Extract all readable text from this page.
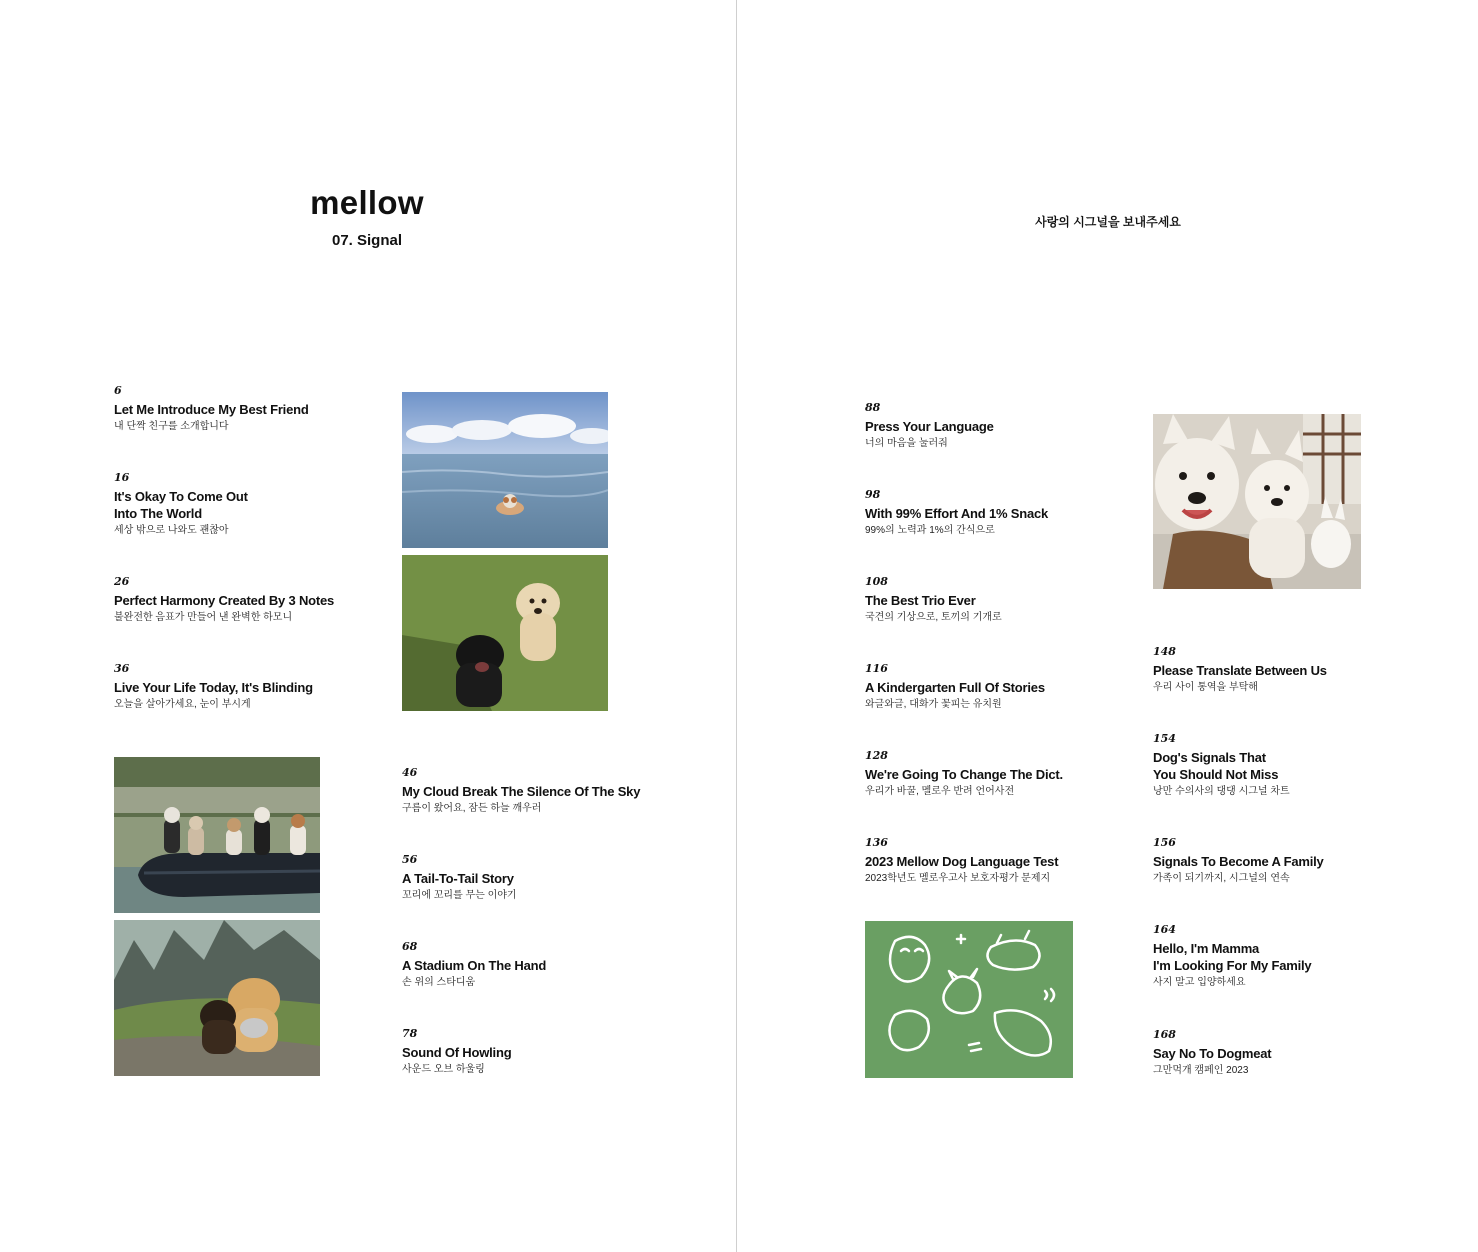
mellow
07. Signal
6
Let Me Introduce My Best Friend
내 단짝 친구를 소개합니다
16
It's Okay To Come Out
Into The World
세상 밖으로 나와도 괜찮아
26
Perfect Harmony Created By 3 Notes
불완전한 음표가 만들어 낸 완벽한 하모니
36
Live Your Life Today, It's Blinding
오늘을 살아가세요, 눈이 부시게
46
My Cloud Break The Silence Of The Sky
구름이 왔어요, 잠든 하늘 깨우러
56
A Tail-To-Tail Story
꼬리에 꼬리를 무는 이야기
68
A Stadium On The Hand
손 위의 스타디움
78
Sound Of Howling
사운드 오브 하울링
사랑의 시그널을 보내주세요
88
Press Your Language
너의 마음을 눌러줘
98
With 99% Effort And 1% Snack
99%의 노력과 1%의 간식으로
108
The Best Trio Ever
국견의 기상으로, 토끼의 기개로
116
A Kindergarten Full Of Stories
와글와글, 대화가 꽃피는 유치원
128
We're Going To Change The Dict.
우리가 바꿀, 멜로우 반려 언어사전
136
2023 Mellow Dog Language Test
2023학년도 멜로우고사 보호자평가 문제지
148
Please Translate Between Us
우리 사이 통역을 부탁해
154
Dog's Signals That
You Should Not Miss
낭만 수의사의 댕댕 시그널 차트
156
Signals To Become A Family
가족이 되기까지, 시그널의 연속
164
Hello, I'm Mamma
I'm Looking For My Family
사지 말고 입양하세요
168
Say No To Dogmeat
그만먹개 캠페인 2023
